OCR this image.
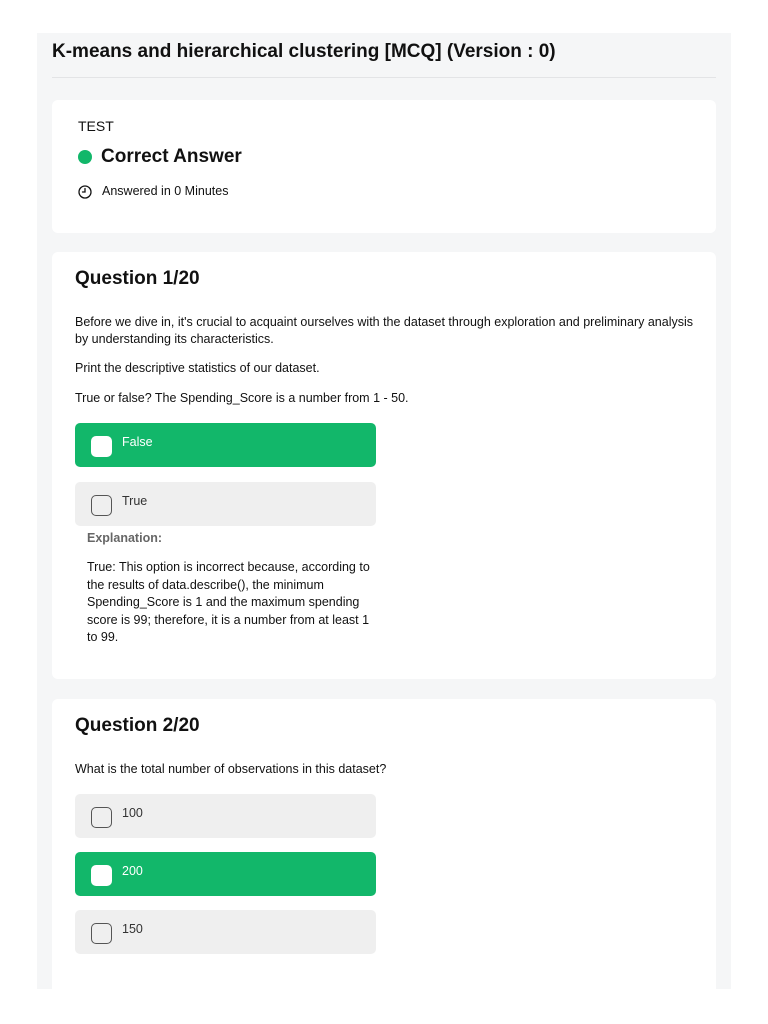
K-means and hierarchical clustering [MCQ] (Version : 0)
TEST
Correct Answer
Answered in 0 Minutes
Question 1/20
Before we dive in, it's crucial to acquaint ourselves with the dataset through exploration and preliminary analysis by understanding its characteristics.
Print the descriptive statistics of our dataset.
True or false? The Spending_Score is a number from 1 - 50.
False
True
Explanation:
True: This option is incorrect because, according to the results of data.describe(), the minimum Spending_Score is 1 and the maximum spending score is 99; therefore, it is a number from at least 1 to 99.
Question 2/20
What is the total number of observations in this dataset?
100
200
150
